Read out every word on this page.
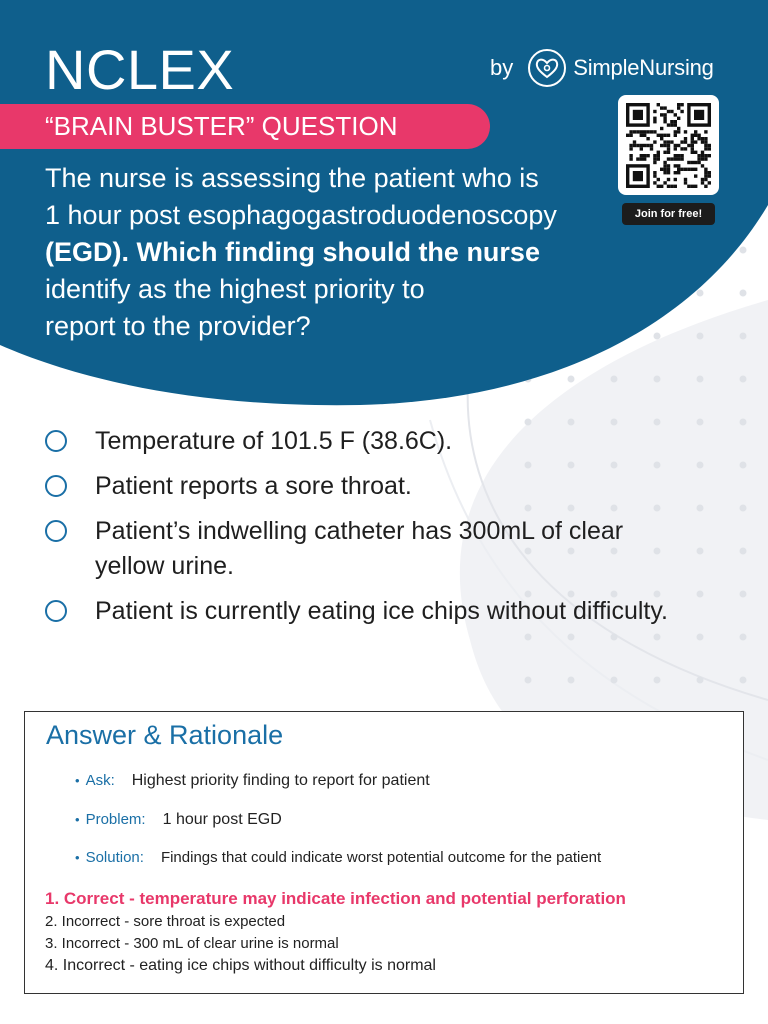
NCLEX
“BRAIN BUSTER” QUESTION
by	SimpleNursing
Join for free!
The nurse is assessing the patient who is
1 hour post esophagogastroduodenoscopy
(EGD). Which finding should the nurse
identify as the highest priority to
report to the provider?
Temperature of 101.5 F (38.6C).
Patient reports a sore throat.
Patient’s indwelling catheter has 300mL of clear yellow urine.
Patient is currently eating ice chips without difficulty.
Answer & Rationale
• Ask: Highest priority finding to report for patient
• Problem: 1 hour post EGD
• Solution: Findings that could indicate worst potential outcome for the patient
1. Correct - temperature may indicate infection and potential perforation
2. Incorrect - sore throat is expected
3. Incorrect - 300 mL of clear urine is normal
4. Incorrect - eating ice chips without difficulty is normal
